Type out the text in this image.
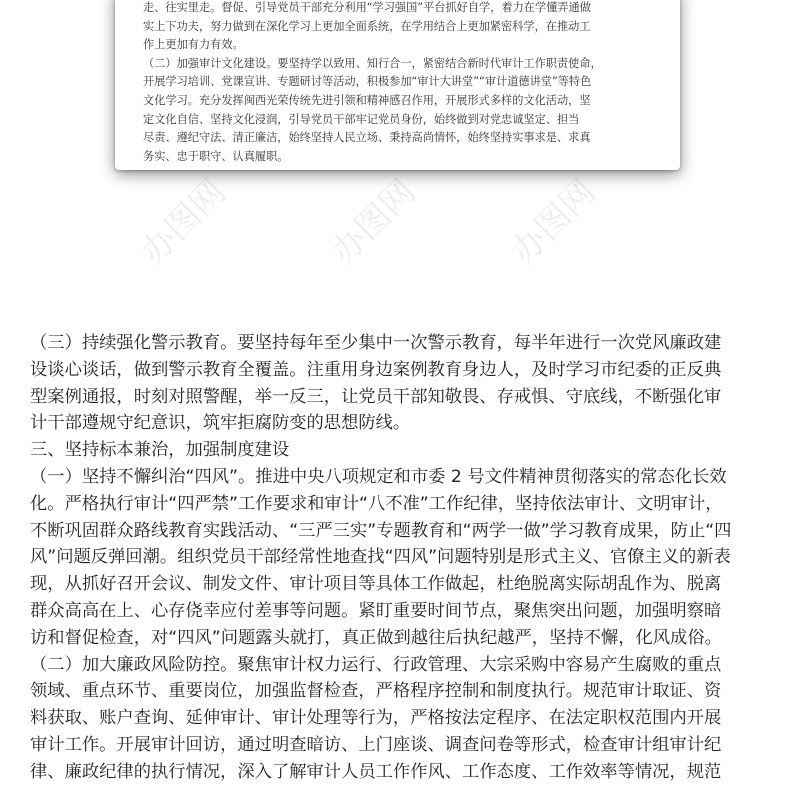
走、往实里走。督促、引导党员干部充分利用“学习强国”平台抓好自学，着力在学懂弄通做

实上下功夫，努力做到在深化学习上更加全面系统，在学用结合上更加紧密科学，在推动工

作上更加有力有效。

（二）加强审计文化建设。要坚持学以致用、知行合一，紧密结合新时代审计工作职责使命，

开展学习培训、党课宣讲、专题研讨等活动，积极参加“审计大讲堂”“审计道德讲堂”等特色

文化学习。充分发挥闽西光荣传统先进引领和精神感召作用，开展形式多样的文化活动，坚

定文化自信、坚持文化浸润，引导党员干部牢记党员身份，始终做到对党忠诚坚定、担当

尽责、遵纪守法、清正廉洁，始终坚持人民立场、秉持高尚情怀，始终坚持实事求是、求真

务实、忠于职守、认真履职。

办图网	办图网 办图网

（三）持续强化警示教育。要坚持每年至少集中一次警示教育，每半年进行一次党风廉政建

设谈心谈话，做到警示教育全覆盖。注重用身边案例教育身边人，及时学习市纪委的正反典

型案例通报，时刻对照警醒，举一反三，让党员干部知敬畏、存戒惧、守底线，不断强化审

计干部遵规守纪意识，筑牢拒腐防变的思想防线。

三、坚持标本兼治，加强制度建设

（一）坚持不懈纠治“四风”。推进中央八项规定和市委 2 号文件精神贯彻落实的常态化长效

化。严格执行审计“四严禁”工作要求和审计“八不准”工作纪律，坚持依法审计、文明审计，

不断巩固群众路线教育实践活动、“三严三实”专题教育和“两学一做”学习教育成果，防止“四

风”问题反弹回潮。组织党员干部经常性地查找“四风”问题特别是形式主义、官僚主义的新表

现，从抓好召开会议、制发文件、审计项目等具体工作做起，杜绝脱离实际胡乱作为、脱离

群众高高在上、心存侥幸应付差事等问题。紧盯重要时间节点，聚焦突出问题，加强明察暗

访和督促检查，对“四风”问题露头就打，真正做到越往后执纪越严，坚持不懈，化风成俗。

（二）加大廉政风险防控。聚焦审计权力运行、行政管理、大宗采购中容易产生腐败的重点

领域、重点环节、重要岗位，加强监督检查，严格程序控制和制度执行。规范审计取证、资

料获取、账户查询、延伸审计、审计处理等行为，严格按法定程序、在法定职权范围内开展

审计工作。开展审计回访，通过明查暗访、上门座谈、调查问卷等形式，检查审计组审计纪

律、廉政纪律的执行情况，深入了解审计人员工作作风、工作态度、工作效率等情况，规范
